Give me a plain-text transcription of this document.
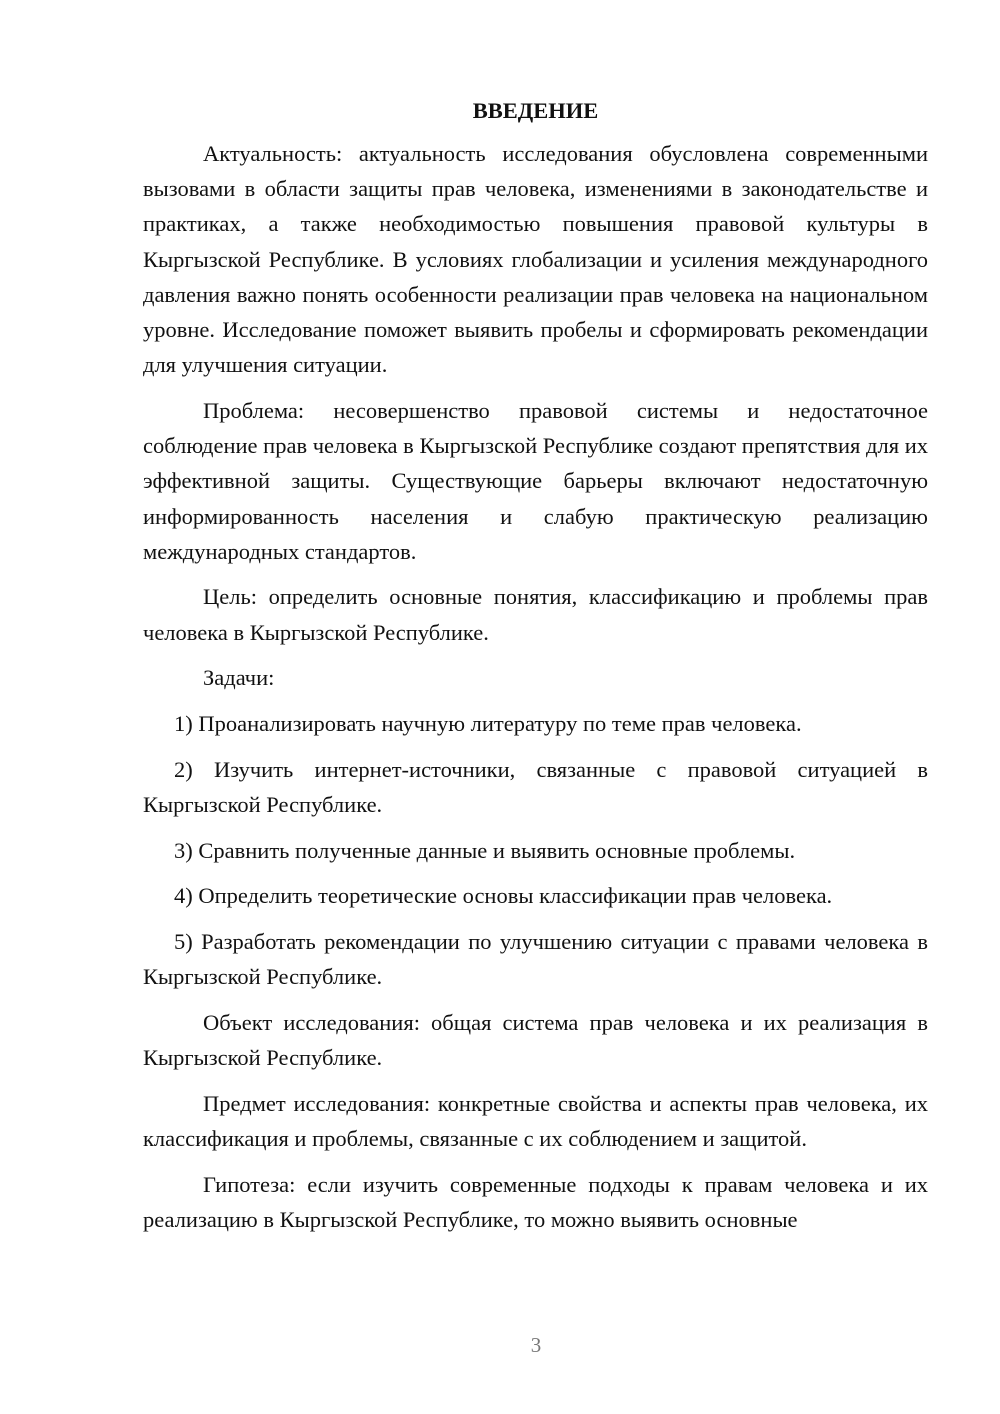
ВВЕДЕНИЕ

Актуальность: актуальность исследования обусловлена современными вызовами в области защиты прав человека, изменениями в законодательстве и практиках, а также необходимостью повышения правовой культуры в Кыргызской Республике. В условиях глобализации и усиления международного давления важно понять особенности реализации прав человека на национальном уровне. Исследование поможет выявить пробелы и сформировать рекомендации для улучшения ситуации.

Проблема: несовершенство правовой системы и недостаточное соблюдение прав человека в Кыргызской Республике создают препятствия для их эффективной защиты. Существующие барьеры включают недостаточную информированность населения и слабую практическую реализацию международных стандартов.

Цель: определить основные понятия, классификацию и проблемы прав человека в Кыргызской Республике.

Задачи:

1) Проанализировать научную литературу по теме прав человека.

2) Изучить интернет-источники, связанные с правовой ситуацией в Кыргызской Республике.

3) Сравнить полученные данные и выявить основные проблемы.

4) Определить теоретические основы классификации прав человека.

5) Разработать рекомендации по улучшению ситуации с правами человека в Кыргызской Республике.

Объект исследования: общая система прав человека и их реализация в Кыргызской Республике.

Предмет исследования: конкретные свойства и аспекты прав человека, их классификация и проблемы, связанные с их соблюдением и защитой.

Гипотеза: если изучить современные подходы к правам человека и их реализацию в Кыргызской Республике, то можно выявить основные

3
